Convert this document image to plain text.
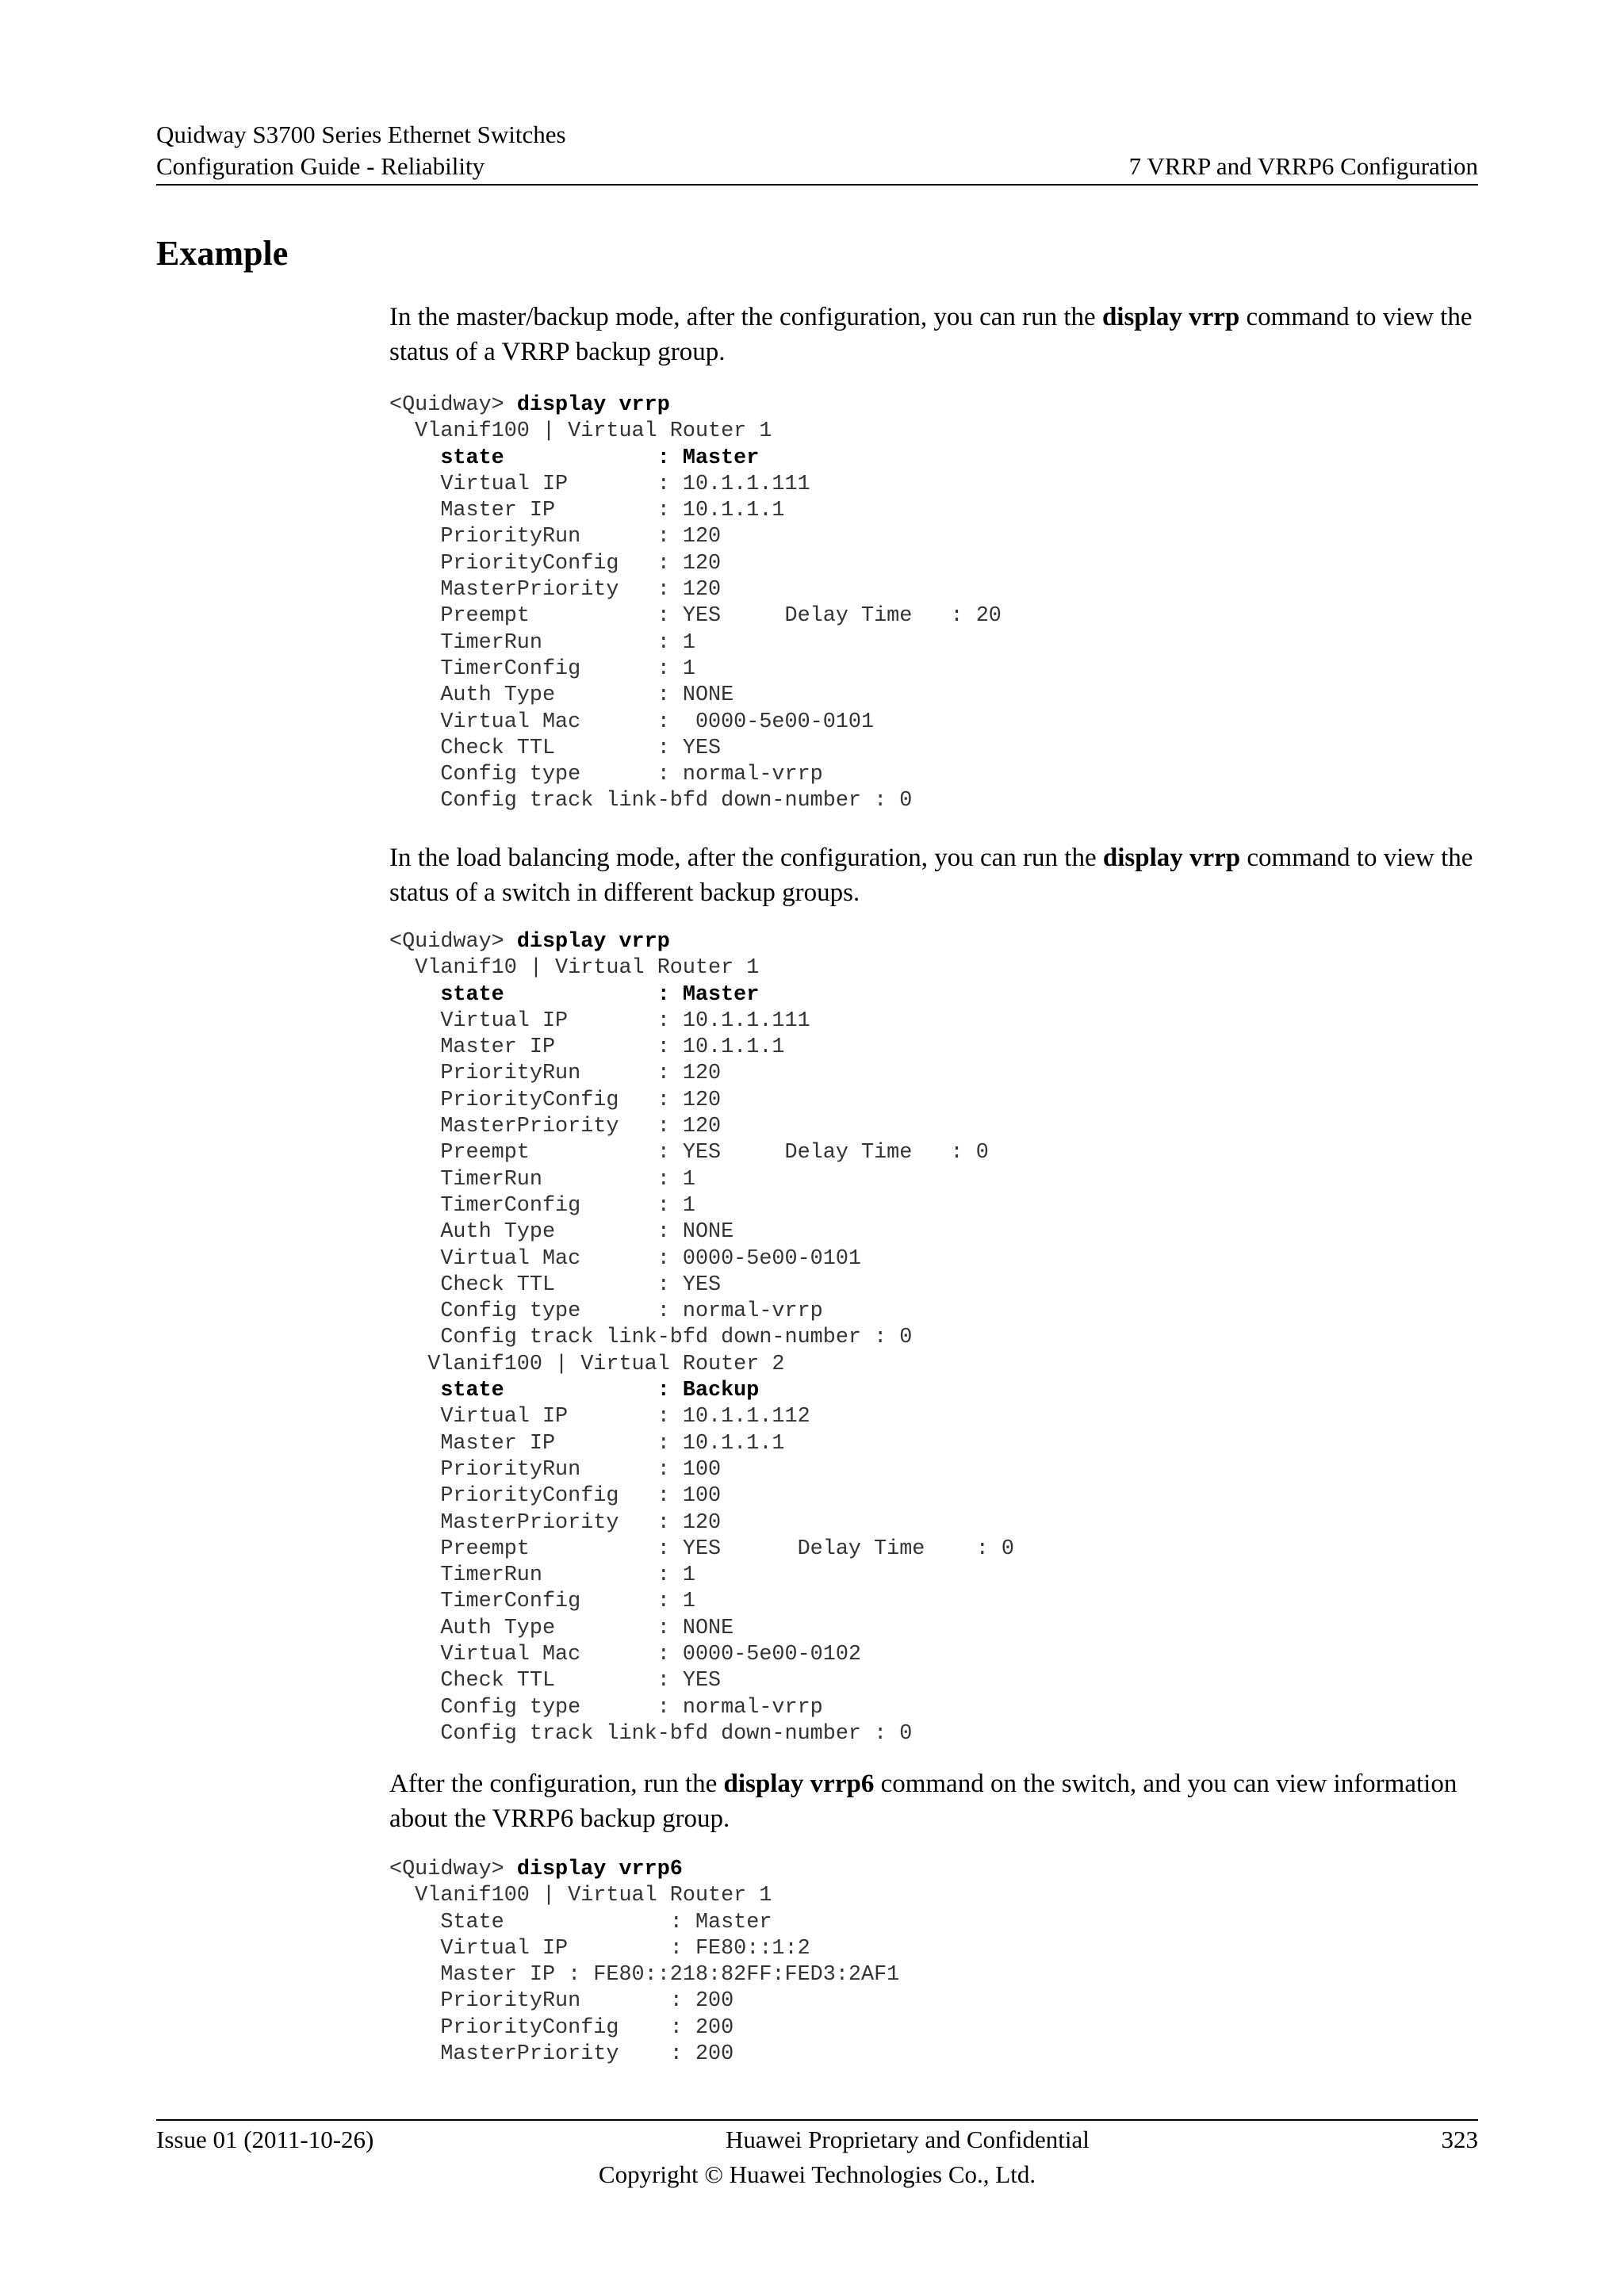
Quidway S3700 Series Ethernet Switches
Configuration Guide - Reliability	7 VRRP and VRRP6 Configuration
Example
In the master/backup mode, after the configuration, you can run the display vrrp command to view the status of a VRRP backup group.
<Quidway> display vrrp
Vlanif100 | Virtual Router 1
state            : Master
Virtual IP       : 10.1.1.111
Master IP        : 10.1.1.1
PriorityRun      : 120
PriorityConfig   : 120
MasterPriority   : 120
Preempt          : YES     Delay Time   : 20
TimerRun         : 1
TimerConfig      : 1
Auth Type        : NONE
Virtual Mac      :  0000-5e00-0101
Check TTL        : YES
Config type      : normal-vrrp
Config track link-bfd down-number : 0
In the load balancing mode, after the configuration, you can run the display vrrp command to view the status of a switch in different backup groups.
<Quidway> display vrrp
Vlanif10 | Virtual Router 1
state            : Master
Virtual IP       : 10.1.1.111
Master IP        : 10.1.1.1
PriorityRun      : 120
PriorityConfig   : 120
MasterPriority   : 120
Preempt          : YES     Delay Time   : 0
TimerRun         : 1
TimerConfig      : 1
Auth Type        : NONE
Virtual Mac      : 0000-5e00-0101
Check TTL        : YES
Config type      : normal-vrrp
Config track link-bfd down-number : 0
Vlanif100 | Virtual Router 2
state            : Backup
Virtual IP       : 10.1.1.112
Master IP        : 10.1.1.1
PriorityRun      : 100
PriorityConfig   : 100
MasterPriority   : 120
Preempt          : YES      Delay Time    : 0
TimerRun         : 1
TimerConfig      : 1
Auth Type        : NONE
Virtual Mac      : 0000-5e00-0102
Check TTL        : YES
Config type      : normal-vrrp
Config track link-bfd down-number : 0
After the configuration, run the display vrrp6 command on the switch, and you can view information about the VRRP6 backup group.
<Quidway> display vrrp6
Vlanif100 | Virtual Router 1
State             : Master
Virtual IP        : FE80::1:2
Master IP : FE80::218:82FF:FED3:2AF1
PriorityRun       : 200
PriorityConfig    : 200
MasterPriority    : 200
Issue 01 (2011-10-26)	Huawei Proprietary and Confidential	323
Copyright © Huawei Technologies Co., Ltd.
